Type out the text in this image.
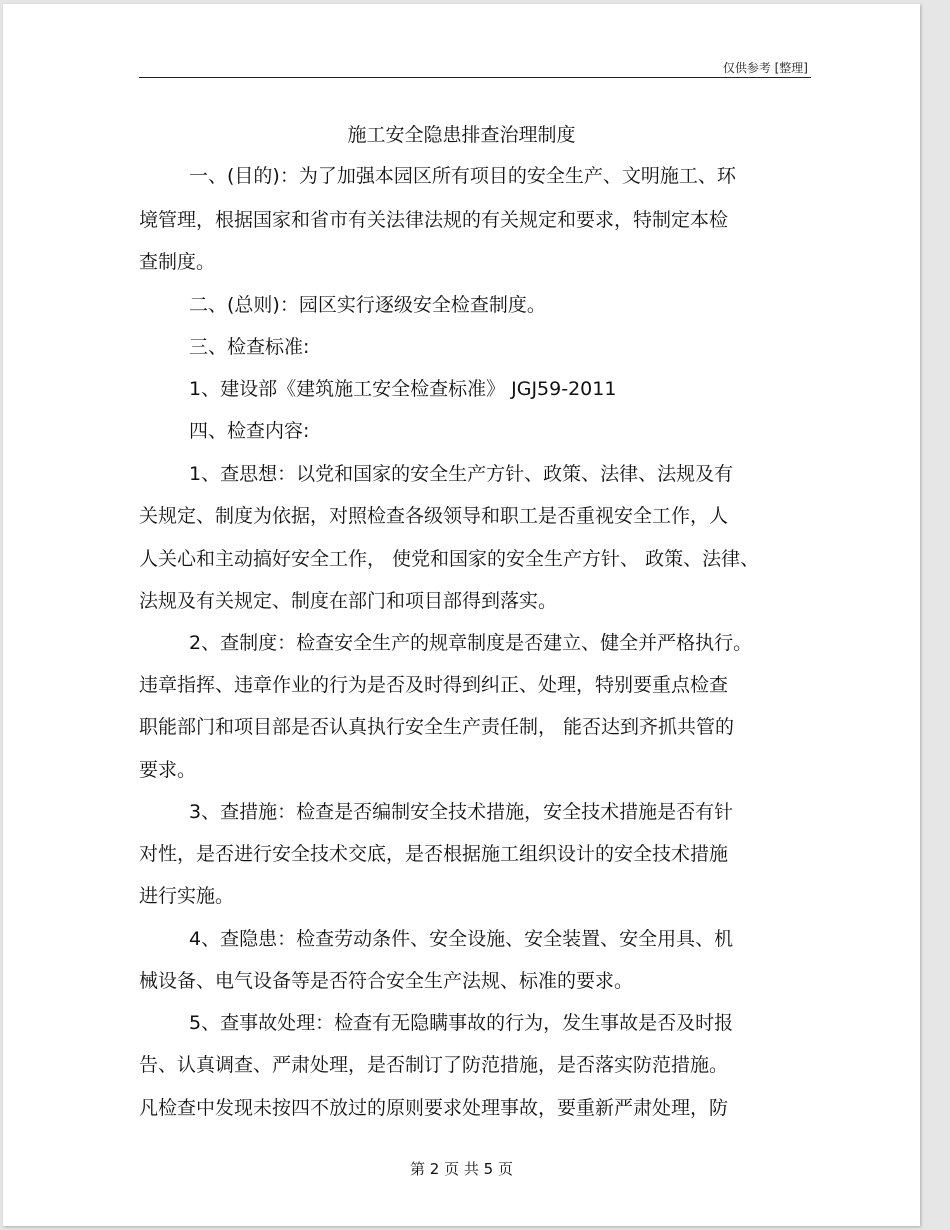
仅供参考 [整理]
施工安全隐患排查治理制度
一、(目的)：为了加强本园区所有项目的安全生产、文明施工、环
境管理，根据国家和省市有关法律法规的有关规定和要求，特制定本检
查制度。
二、(总则)：园区实行逐级安全检查制度。
三、检查标准:
1、建设部《建筑施工安全检查标准》 JGJ59-2011
四、检查内容:
1、查思想：以党和国家的安全生产方针、政策、法律、法规及有
关规定、制度为依据，对照检查各级领导和职工是否重视安全工作，人
人关心和主动搞好安全工作， 使党和国家的安全生产方针、 政策、法律、
法规及有关规定、制度在部门和项目部得到落实。
2、查制度：检查安全生产的规章制度是否建立、健全并严格执行。
违章指挥、违章作业的行为是否及时得到纠正、处理，特别要重点检查
职能部门和项目部是否认真执行安全生产责任制， 能否达到齐抓共管的
要求。
3、查措施：检查是否编制安全技术措施，安全技术措施是否有针
对性，是否进行安全技术交底，是否根据施工组织设计的安全技术措施
进行实施。
4、查隐患：检查劳动条件、安全设施、安全装置、安全用具、机
械设备、电气设备等是否符合安全生产法规、标准的要求。
5、查事故处理：检查有无隐瞒事故的行为，发生事故是否及时报
告、认真调查、严肃处理，是否制订了防范措施，是否落实防范措施。
凡检查中发现未按四不放过的原则要求处理事故，要重新严肃处理，防
第 2 页 共 5 页
